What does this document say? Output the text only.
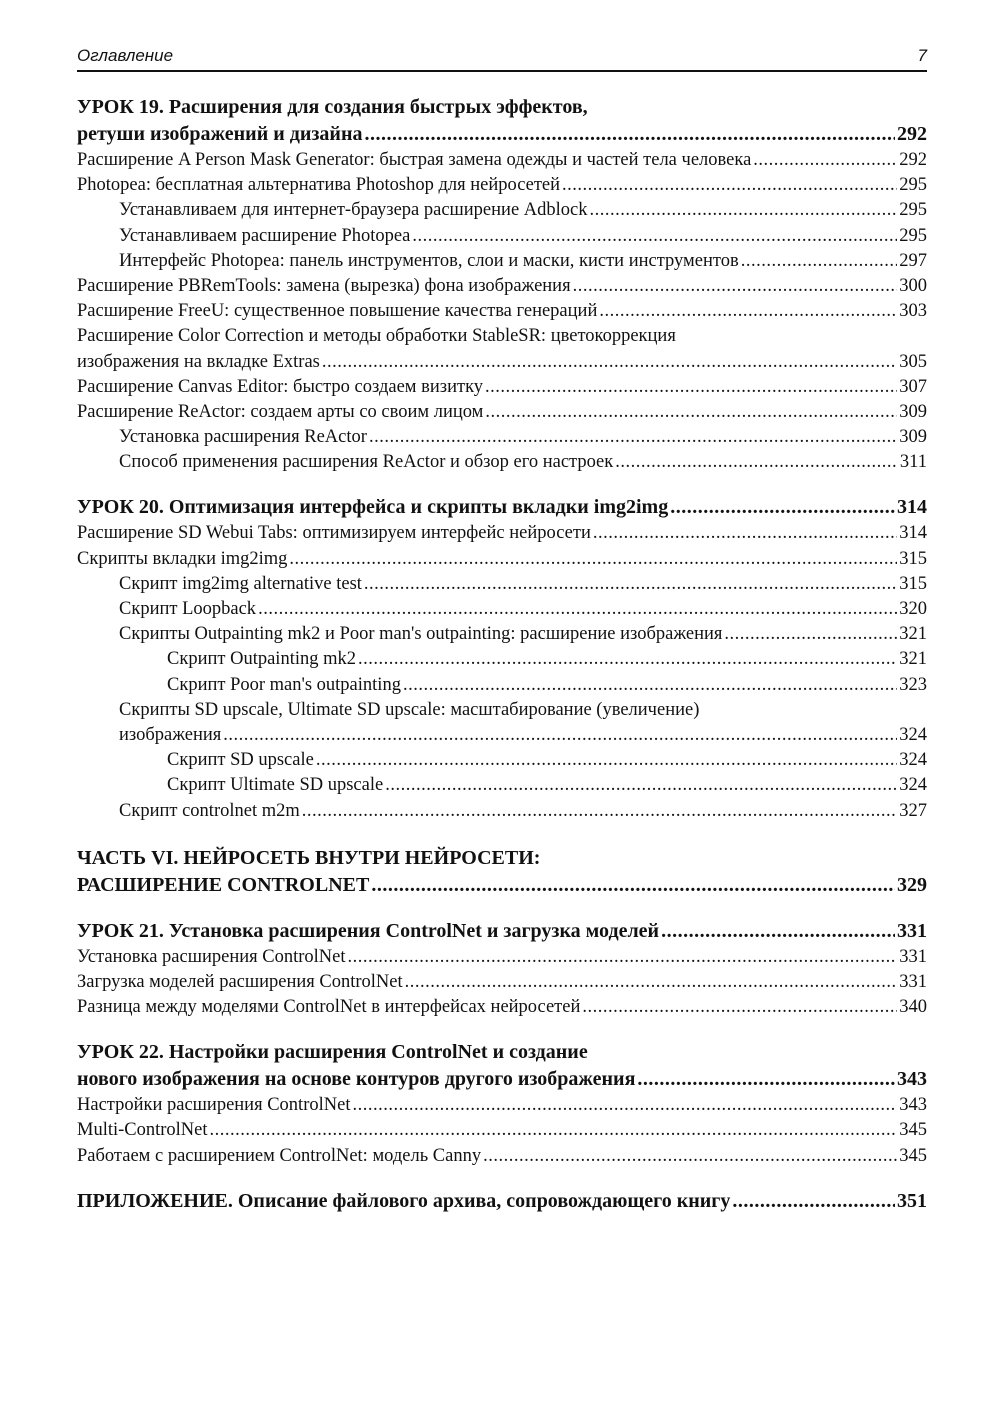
Оглавление	7
УРОК 19. Расширения для создания быстрых эффектов,
ретуши изображений и дизайна .....	292
Расширение A Person Mask Generator: быстрая замена одежды и частей тела человека .....	292
Photopea: бесплатная альтернатива Photoshop для нейросетей .....	295
Устанавливаем для интернет-браузера расширение Adblock .....	295
Устанавливаем расширение Photopea .....	295
Интерфейс Photopea: панель инструментов, слои и маски, кисти инструментов .....	297
Расширение PBRemTools: замена (вырезка) фона изображения .....	300
Расширение FreeU: существенное повышение качества генераций .....	303
Расширение Color Correction и методы обработки StableSR: цветокоррекция
изображения на вкладке Extras .....	305
Расширение Canvas Editor: быстро создаем визитку .....	307
Расширение ReActor: создаем арты со своим лицом .....	309
Установка расширения ReActor .....	309
Способ применения расширения ReActor и обзор его настроек .....	311
УРОК 20. Оптимизация интерфейса и скрипты вкладки img2img .....	314
Расширение SD Webui Tabs: оптимизируем интерфейс нейросети .....	314
Скрипты вкладки img2img .....	315
Скрипт img2img alternative test .....	315
Скрипт Loopback .....	320
Скрипты Outpainting mk2 и Poor man's outpainting: расширение изображения .....	321
Скрипт Outpainting mk2 .....	321
Скрипт Poor man's outpainting .....	323
Скрипты SD upscale, Ultimate SD upscale: масштабирование (увеличение)
изображения .....	324
Скрипт SD upscale .....	324
Скрипт Ultimate SD upscale .....	324
Скрипт controlnet m2m .....	327
ЧАСТЬ VI. НЕЙРОСЕТЬ ВНУТРИ НЕЙРОСЕТИ:
РАСШИРЕНИЕ CONTROLNET .....	329
УРОК 21. Установка расширения ControlNet и загрузка моделей .....	331
Установка расширения ControlNet .....	331
Загрузка моделей расширения ControlNet .....	331
Разница между моделями ControlNet в интерфейсах нейросетей .....	340
УРОК 22. Настройки расширения ControlNet и создание
нового изображения на основе контуров другого изображения .....	343
Настройки расширения ControlNet .....	343
Multi-ControlNet .....	345
Работаем с расширением ControlNet: модель Canny .....	345
ПРИЛОЖЕНИЕ. Описание файлового архива, сопровождающего книгу .....	351
